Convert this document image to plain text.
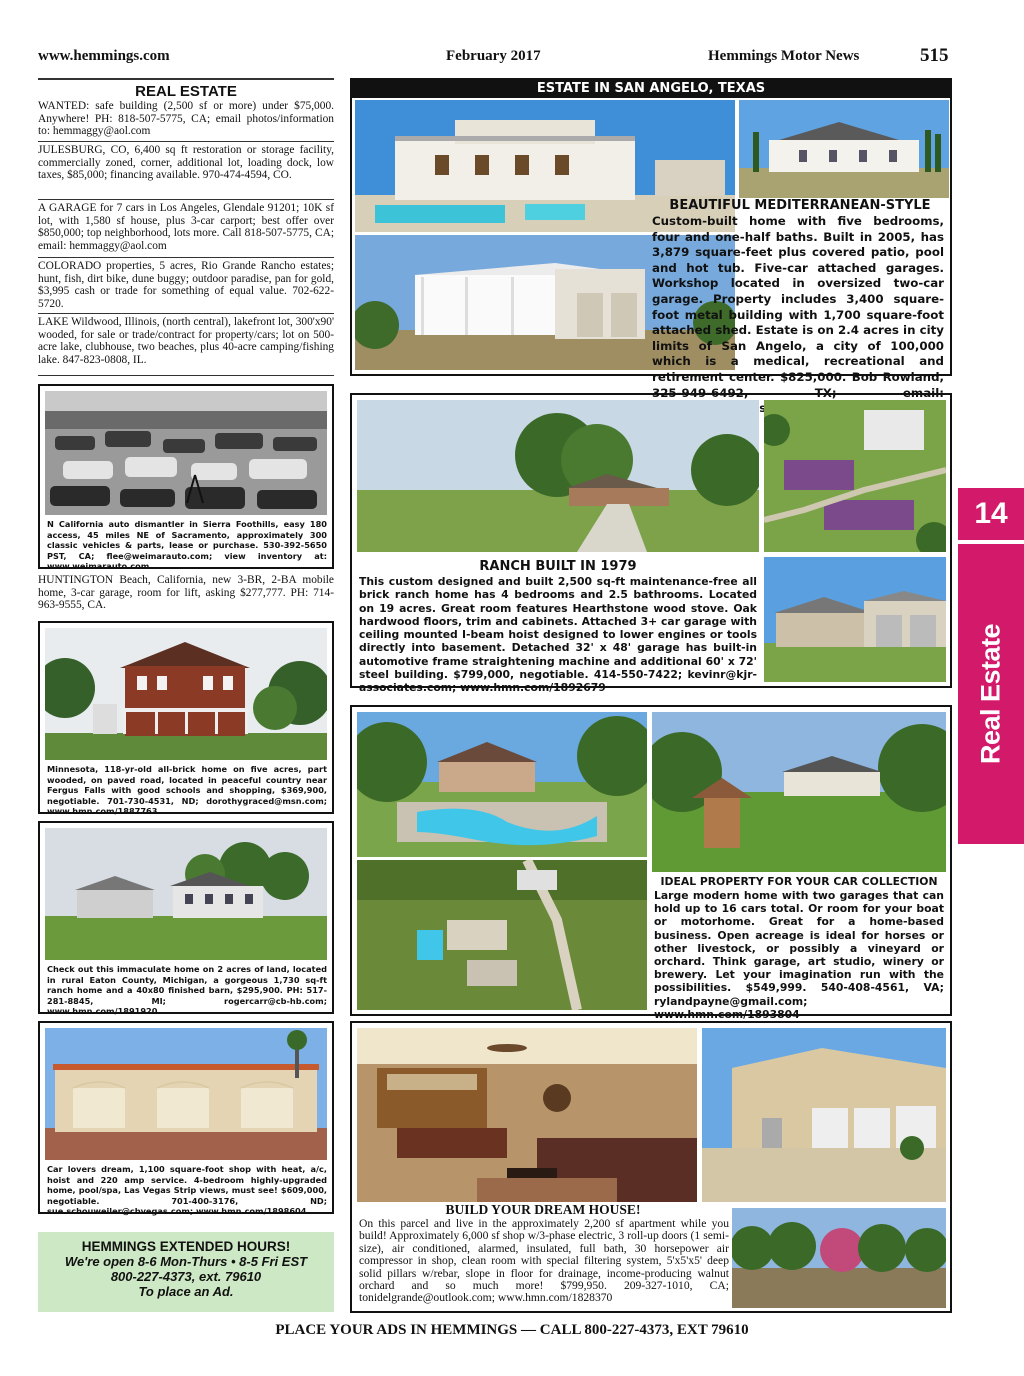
www.hemmings.com	February 2017	Hemmings Motor News	515
14
Real Estate
REAL ESTATE
WANTED: safe building (2,500 sf or more) under $75,000. Anywhere! PH: 818-507-5775, CA; email photos/information to: hemmaggy@aol.com
JULESBURG, CO, 6,400 sq ft restoration or storage facility, commercially zoned, corner, additional lot, loading dock, low taxes, $85,000; financing available. 970-474-4594, CO.
A GARAGE for 7 cars in Los Angeles, Glendale 91201; 10K sf lot, with 1,580 sf house, plus 3-car carport; best offer over $850,000; top neighborhood, lots more. Call 818-507-5775, CA; email: hemmaggy@aol.com
COLORADO properties, 5 acres, Rio Grande Rancho estates; hunt, fish, dirt bike, dune buggy; outdoor paradise, pan for gold, $3,995 cash or trade for something of equal value. 702-622-5720.
LAKE Wildwood, Illinois, (north central), lakefront lot, 300'x90' wooded, for sale or trade/contract for property/cars; lot on 500-acre lake, clubhouse, two beaches, plus 40-acre camping/fishing lake. 847-823-0808, IL.
N California auto dismantler in Sierra Foothills, easy 180 access, 45 miles NE of Sacramento, approximately 300 classic vehicles & parts, lease or purchase. 530-392-5650 PST, CA; flee@weimarauto.com; view inventory at: www.weimarauto.com
HUNTINGTON Beach, California, new 3-BR, 2-BA mobile home, 3-car garage, room for lift, asking $277,777. PH: 714-963-9555, CA.
Minnesota, 118-yr-old all-brick home on five acres, part wooded, on paved road, located in peaceful country near Fergus Falls with good schools and shopping, $369,900, negotiable. 701-730-4531, ND; dorothygraced@msn.com; www.hmn.com/1887763
Check out this immaculate home on 2 acres of land, located in rural Eaton County, Michigan, a gorgeous 1,730 sq-ft ranch home and a 40x80 finished barn, $295,900. PH: 517-281-8845, MI; rogercarr@cb-hb.com; www.hmn.com/1891920
Car lovers dream, 1,100 square-foot shop with heat, a/c, hoist and 220 amp service. 4-bedroom highly-upgraded home, pool/spa, Las Vegas Strip views, must see! $609,000, negotiable. 701-400-3176, ND; sue.schouweiler@cbvegas.com; www.hmn.com/1898604
HEMMINGS EXTENDED HOURS!
We're open 8-6 Mon-Thurs • 8-5 Fri EST
800-227-4373, ext. 79610
To place an Ad.
ESTATE IN SAN ANGELO, TEXAS
BEAUTIFUL MEDITERRANEAN-STYLE
Custom-built home with five bedrooms, four and one-half baths. Built in 2005, has 3,879 square-feet plus covered patio, pool and hot tub. Five-car attached garages. Workshop located in oversized two-car garage. Property includes 3,400 square-foot metal building with 1,700 square-foot attached shed. Estate is on 2.4 acres in city limits of San Angelo, a city of 100,000 which is a medical, recreational and retirement center. $825,000. Bob Rowland, 325-949-6492, TX; email:
RANCH BUILT IN 1979
This custom designed and built 2,500 sq-ft maintenance-free all brick ranch home has 4 bedrooms and 2.5 bathrooms. Located on 19 acres. Great room features Hearthstone wood stove. Oak hardwood floors, trim and cabinets. Attached 3+ car garage with ceiling mounted I-beam hoist designed to lower engines or tools directly into basement. Detached 32' x 48' garage has built-in automotive frame straightening machine and additional 60' x 72' steel building. $799,000, negotiable. 414-550-7422; kevinr@kjr-associates.com; www.hmn.com/1892679
IDEAL PROPERTY FOR YOUR CAR COLLECTION
Large modern home with two garages that can hold up to 16 cars total. Or room for your boat or motorhome. Great for a home-based business. Open acreage is ideal for horses or other livestock, or possibly a vineyard or orchard. Think garage, art studio, winery or brewery. Let your imagination run with the possibilities. $549,999. 540-408-4561, VA; rylandpayne@gmail.com; www.hmn.com/1893804
BUILD YOUR DREAM HOUSE!
On this parcel and live in the approximately 2,200 sf apartment while you build! Approximately 6,000 sf shop w/3-phase electric, 3 roll-up doors (1 semi-size), air conditioned, alarmed, insulated, full bath, 30 horsepower air compressor in shop, clean room with special filtering system, 5'x5'x5' deep solid pillars w/rebar, slope in floor for drainage, income-producing walnut orchard and so much more! $799,950. 209-327-1010, CA; tonidelgrande@outlook.com; www.hmn.com/1828370
PLACE YOUR ADS IN HEMMINGS — CALL 800-227-4373, EXT 79610
